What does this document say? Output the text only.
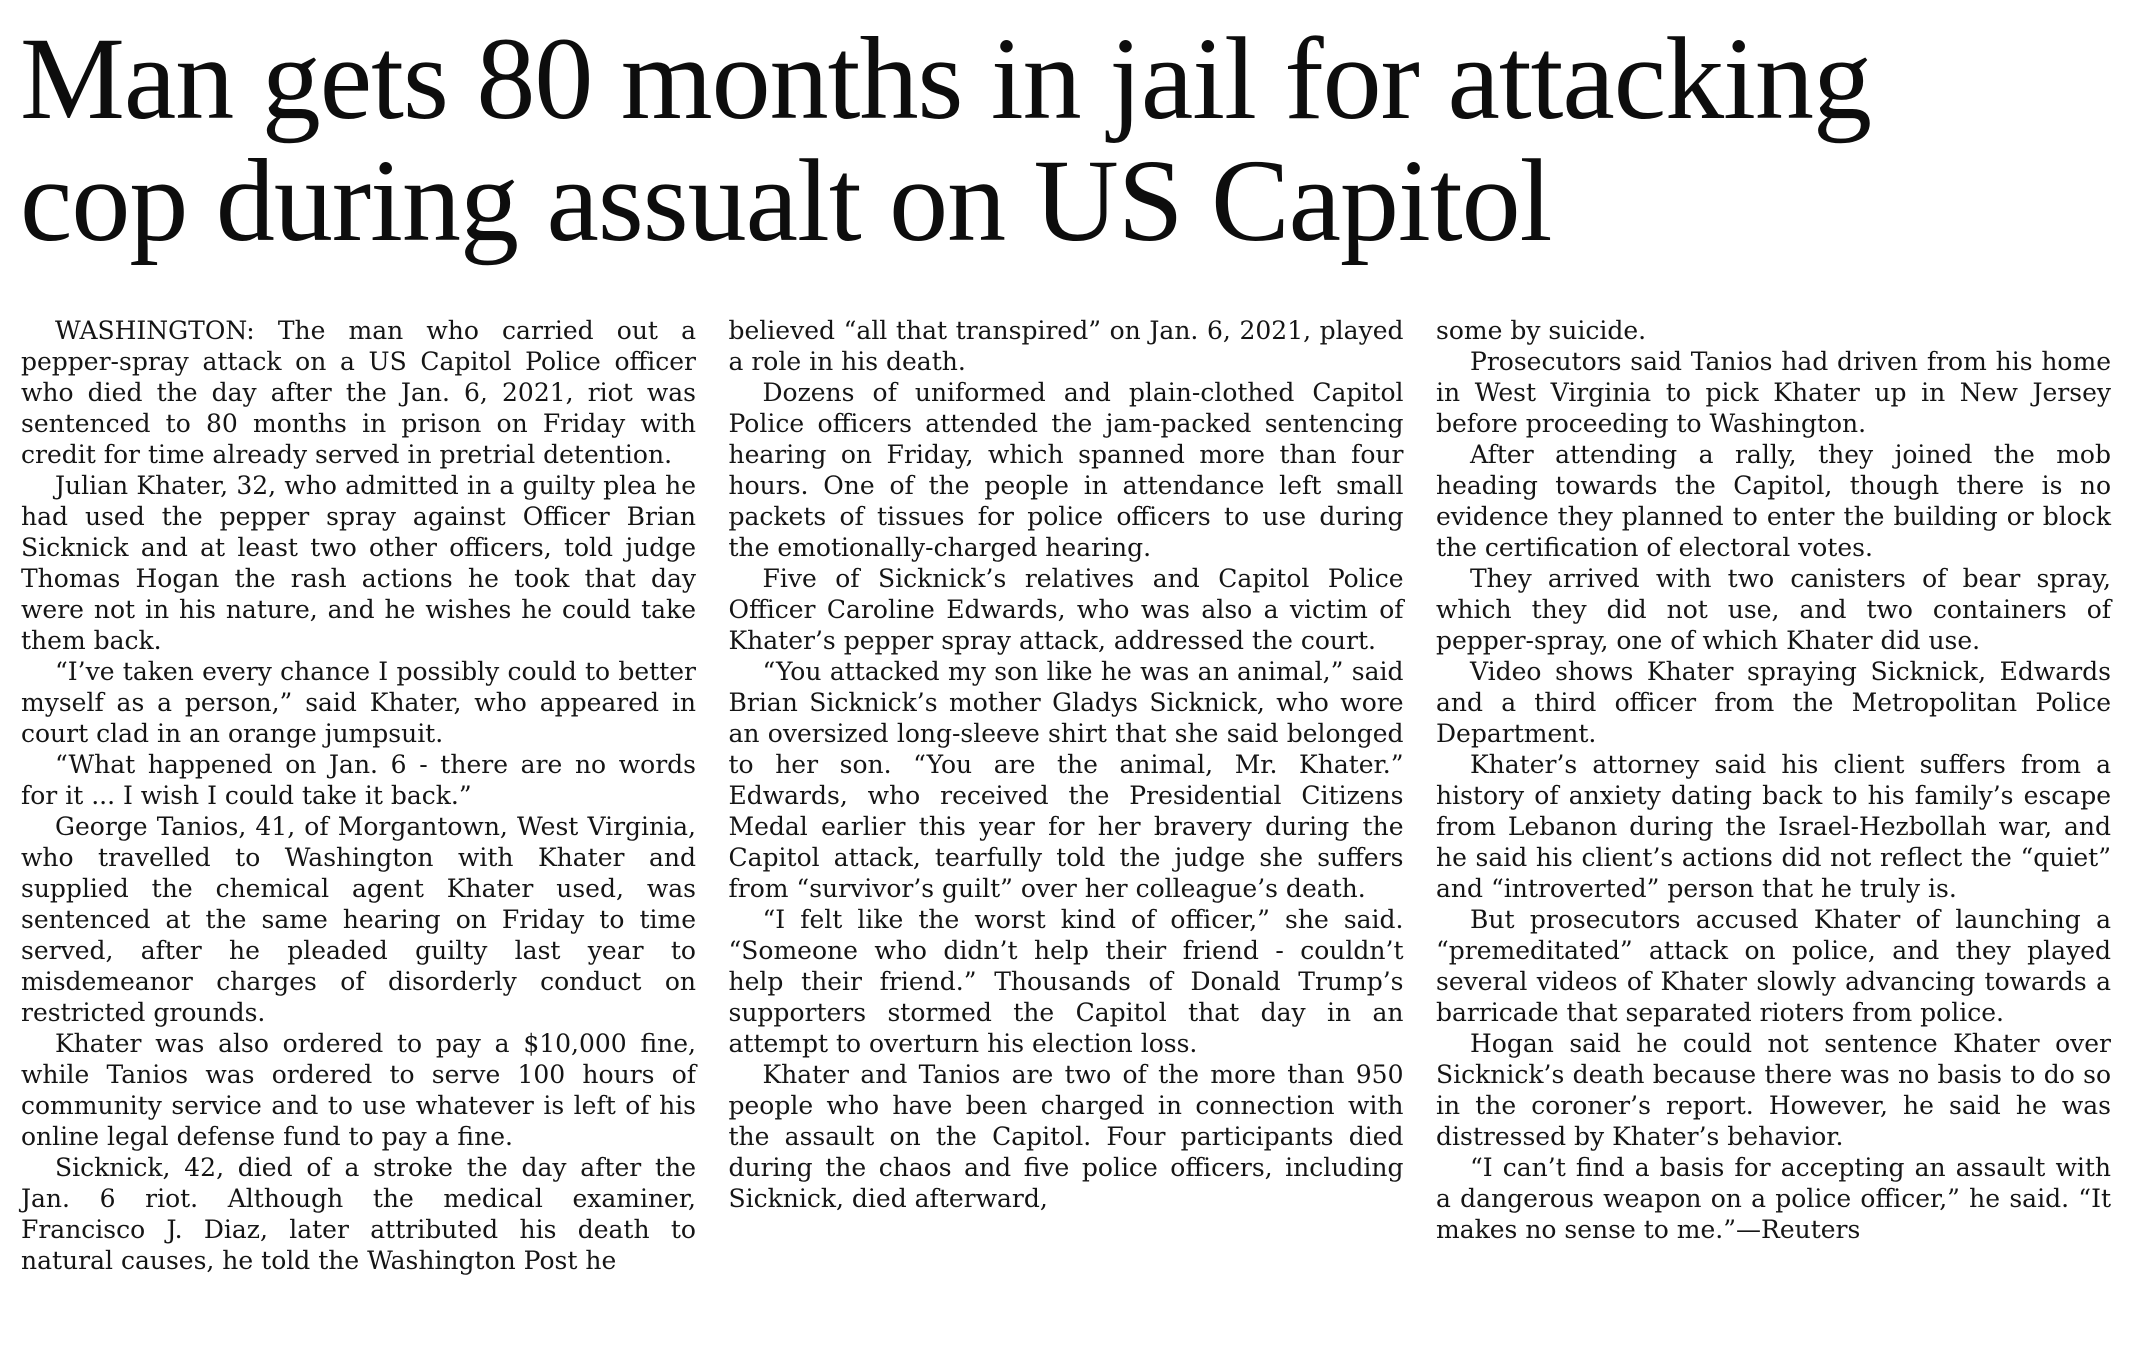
Man gets 80 months in jail for attacking
cop during assualt on US Capitol

WASHINGTON: The man who carried out a pepper-spray attack on a US Capitol Police officer who died the day after the Jan. 6, 2021, riot was sentenced to 80 months in prison on Friday with credit for time already served in pretrial detention.

Julian Khater, 32, who admitted in a guilty plea he had used the pepper spray against Officer Brian Sicknick and at least two other officers, told judge Thomas Hogan the rash actions he took that day were not in his nature, and he wishes he could take them back.

“I’ve taken every chance I possibly could to better myself as a person,” said Khater, who appeared in court clad in an orange jumpsuit.

“What happened on Jan. 6 - there are no words for it ... I wish I could take it back.”

George Tanios, 41, of Morgantown, West Virginia, who travelled to Washington with Khater and supplied the chemical agent Khater used, was sentenced at the same hearing on Friday to time served, after he pleaded guilty last year to misdemeanor charges of disorderly conduct on restricted grounds.

Khater was also ordered to pay a $10,000 fine, while Tanios was ordered to serve 100 hours of community service and to use whatever is left of his online legal defense fund to pay a fine.

Sicknick, 42, died of a stroke the day after the Jan. 6 riot. Although the medical examiner, Francisco J. Diaz, later attributed his death to natural causes, he told the Washington Post he

believed “all that transpired” on Jan. 6, 2021, played a role in his death.

Dozens of uniformed and plain-clothed Capitol Police officers attended the jam-packed sentencing hearing on Friday, which spanned more than four hours. One of the people in attendance left small packets of tissues for police officers to use during the emotionally-charged hearing.

Five of Sicknick’s relatives and Capitol Police Officer Caroline Edwards, who was also a victim of Khater’s pepper spray attack, addressed the court.

“You attacked my son like he was an animal,” said Brian Sicknick’s mother Gladys Sicknick, who wore an oversized long-sleeve shirt that she said belonged to her son. “You are the animal, Mr. Khater.” Edwards, who received the Presidential Citizens Medal earlier this year for her bravery during the Capitol attack, tearfully told the judge she suffers from “survivor’s guilt” over her colleague’s death.

“I felt like the worst kind of officer,” she said. “Someone who didn’t help their friend - couldn’t help their friend.” Thousands of Donald Trump’s supporters stormed the Capitol that day in an attempt to overturn his election loss.

Khater and Tanios are two of the more than 950 people who have been charged in connection with the assault on the Capitol. Four participants died during the chaos and five police officers, including Sicknick, died afterward,

some by suicide.

Prosecutors said Tanios had driven from his home in West Virginia to pick Khater up in New Jersey before proceeding to Washington.

After attending a rally, they joined the mob heading towards the Capitol, though there is no evidence they planned to enter the building or block the certification of electoral votes.

They arrived with two canisters of bear spray, which they did not use, and two containers of pepper-spray, one of which Khater did use.

Video shows Khater spraying Sicknick, Edwards and a third officer from the Metropolitan Police Department.

Khater’s attorney said his client suffers from a history of anxiety dating back to his family’s escape from Lebanon during the Israel-Hezbollah war, and he said his client’s actions did not reflect the “quiet” and “introverted” person that he truly is.

But prosecutors accused Khater of launching a “premeditated” attack on police, and they played several videos of Khater slowly advancing towards a barricade that separated rioters from police.

Hogan said he could not sentence Khater over Sicknick’s death because there was no basis to do so in the coroner’s report. However, he said he was distressed by Khater’s behavior.

“I can’t find a basis for accepting an assault with a dangerous weapon on a police officer,” he said. “It makes no sense to me.”—Reuters
